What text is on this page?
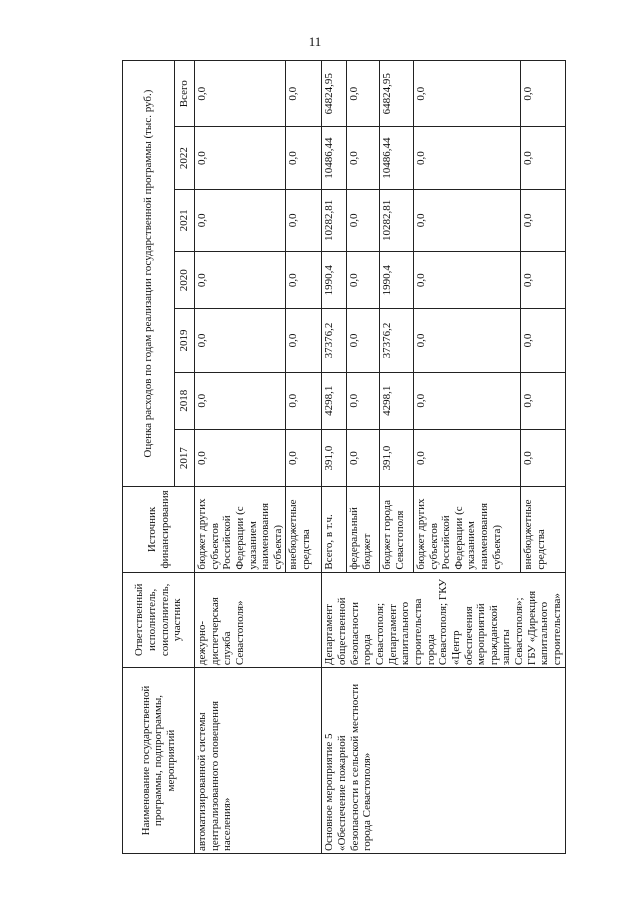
11
Наименование государственной программы, подпрограммы, мероприятий	Ответственный исполнитель, соисполнитель, участник	Источник финансирования	Оценка расходов по годам реализации государственной программы (тыс. руб.)						
			2017	2018	2019	2020	2021	2022	Всего
автоматизированной системы централизованного оповещения населения»	дежурно-диспетчерская служба Севастополя»	бюджет других субъектов Российской Федерации (с указанием наименования субъекта)	0,0	0,0	0,0	0,0	0,0	0,0	0,0
		внебюджетные средства	0,0	0,0	0,0	0,0	0,0	0,0	0,0
Основное мероприятие 5 «Обеспечение пожарной безопасности в сельской местности города Севастополя»	Департамент общественной безопасности города Севастополя; Департамент капитального строительства города Севастополя; ГКУ «Центр обеспечения мероприятий гражданской защиты Севастополя»; ГБУ «Дирекция капитального строительства»	Всего, в т.ч.	391,0	4298,1	37376,2	1990,4	10282,81	10486,44	64824,95
		федеральный бюджет	0,0	0,0	0,0	0,0	0,0	0,0	0,0
		бюджет города Севастополя	391,0	4298,1	37376,2	1990,4	10282,81	10486,44	64824,95
		бюджет других субъектов Российской Федерации (с указанием наименования субъекта)	0,0	0,0	0,0	0,0	0,0	0,0	0,0
		внебюджетные средства	0,0	0,0	0,0	0,0	0,0	0,0	0,0
